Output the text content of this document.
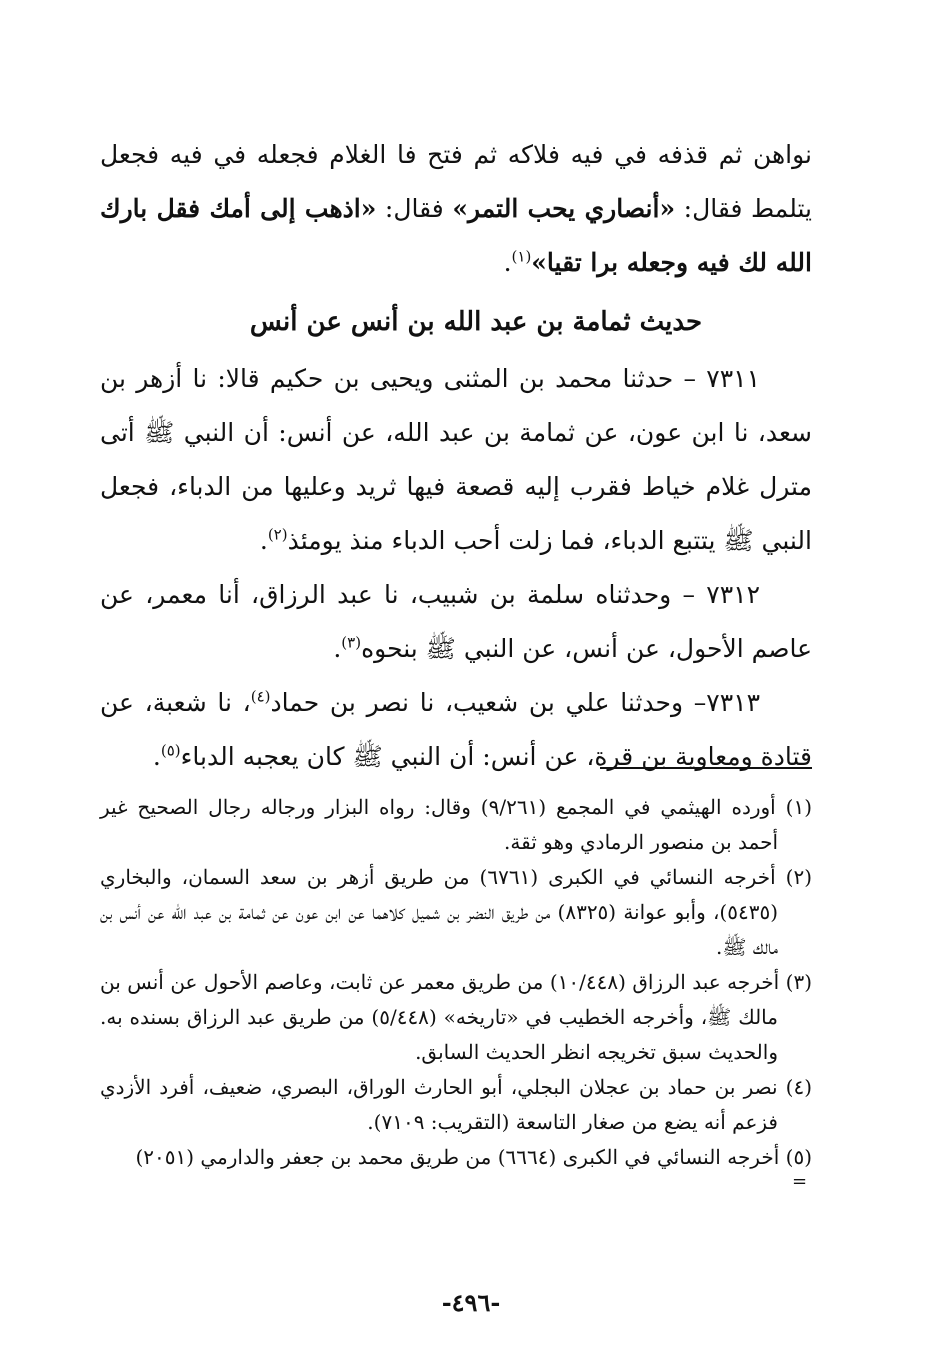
نواهن ثم قذفه في فيه فلاكه ثم فتح فا الغلام فجعله في فيه فجعل يتلمط فقال: «أنصاري يحب التمر» فقال: «اذهب إلى أمك فقل بارك الله لك فيه وجعله برا تقيا»$^{(١)}$.

حديث ثمامة بن عبد الله بن أنس عن أنس

٧٣١١ – حدثنا محمد بن المثنى ويحيى بن حكيم قالا: نا أزهر بن سعد، نا ابن عون، عن ثمامة بن عبد الله، عن أنس: أن النبي ﷺ أتى مترل غلام خياط فقرب إليه قصعة فيها ثريد وعليها من الدباء، فجعل النبي ﷺ يتتبع الدباء، فما زلت أحب الدباء منذ يومئذ$^{(٢)}$.

٧٣١٢ – وحدثناه سلمة بن شبيب، نا عبد الرزاق، أنا معمر، عن عاصم الأحول، عن أنس، عن النبي ﷺ بنحوه$^{(٣)}$.

٧٣١٣– وحدثنا علي بن شعيب، نا نصر بن حماد$^{(٤)}$، نا شعبة، عن قتادة ومعاوية بن قرة، عن أنس: أن النبي ﷺ كان يعجبه الدباء$^{(٥)}$.

(١) أورده الهيثمي في المجمع (٩/٢٦١) وقال: رواه البزار ورجاله رجال الصحيح غير أحمد بن منصور الرمادي وهو ثقة.

(٢) أخرجه النسائي في الكبرى (٦٧٦١) من طريق أزهر بن سعد السمان، والبخاري (٥٤٣٥)، وأبو عوانة (٨٣٢٥) من طريق النضر بن شميل كلاهما عن ابن عون عن ثمامة بن عبد الله عن أنس بن مالك ﷺ.

(٣) أخرجه عبد الرزاق (١٠/٤٤٨) من طريق معمر عن ثابت، وعاصم الأحول عن أنس بن مالك ﷺ، وأخرجه الخطيب في «تاريخه» (٥/٤٤٨) من طريق عبد الرزاق بسنده به. والحديث سبق تخريجه انظر الحديث السابق.

(٤) نصر بن حماد بن عجلان البجلي، أبو الحارث الوراق، البصري، ضعيف، أفرد الأزدي فزعم أنه يضع من صغار التاسعة (التقريب: ٧١٠٩).

(٥) أخرجه النسائي في الكبرى (٦٦٦٤) من طريق محمد بن جعفر والدارمي (٢٠٥١)

=
-٤٩٦-
